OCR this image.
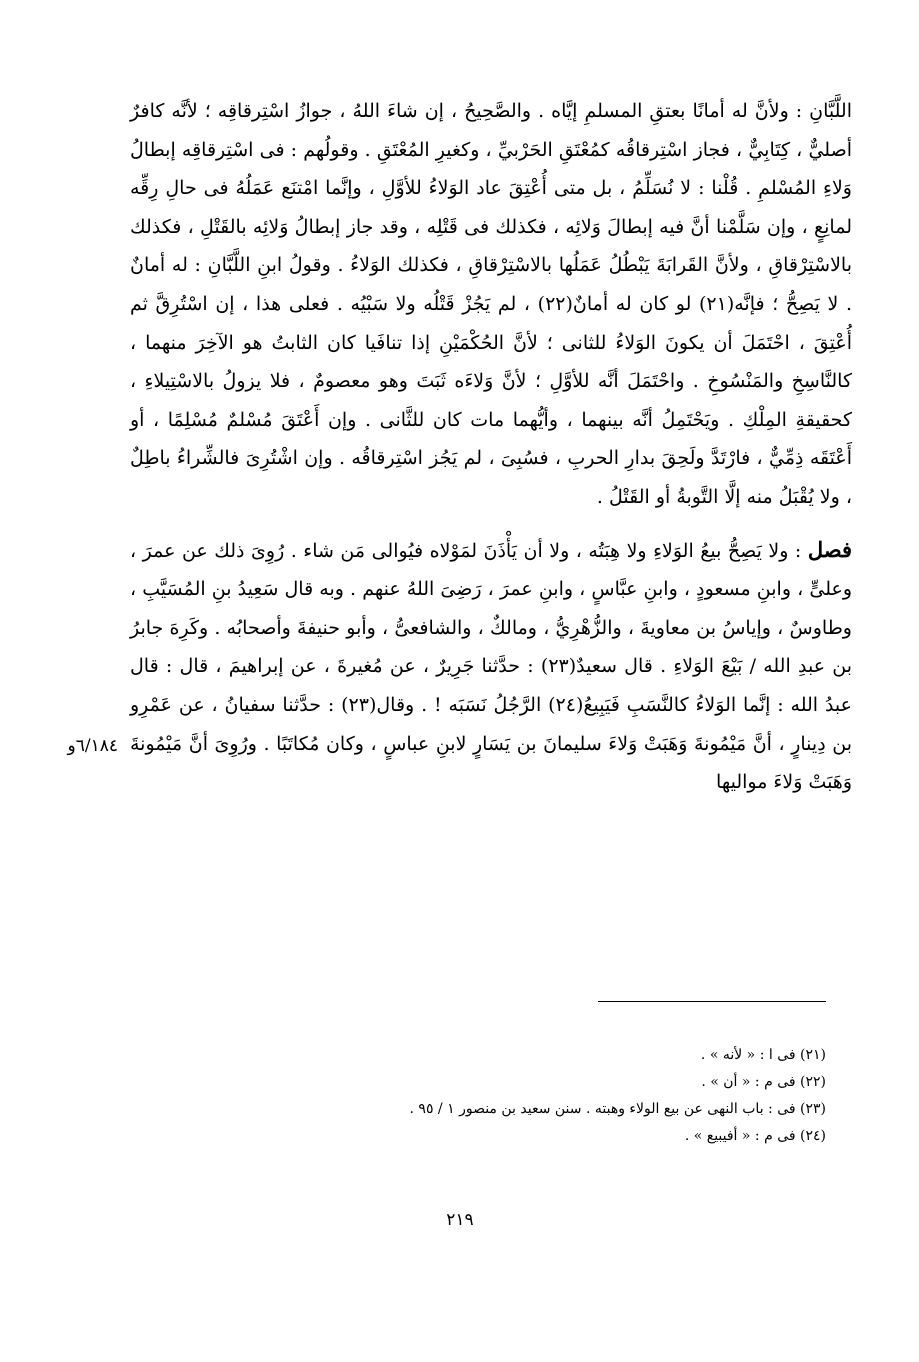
اللَّبَّانِ : ولأنَّ له أمانًا بعتقِ المسلمِ إيَّاه . والصَّحِيحُ ، إن شاءَ اللهُ ، جوازُ اسْتِرقاقِه ؛ لأنَّه كافرٌ أصليٌّ ، كِتَابِيٌّ ، فجاز اسْتِرقاقُه كمُعْتَقِ الحَرْبيِّ ، وكغيرِ المُعْتَقِ . وقولُهم : فى اسْتِرقاقِه إبطالُ وَلاءِ المُسْلمِ . قُلْنا : لا نُسَلِّمُ ، بل متى أُعْتِقَ عاد الوَلاءُ للأوَّلِ ، وإنَّما امْتنَع عَمَلُهُ فى حالِ رِقِّه لمانِعٍ ، وإن سَلَّمْنا أنَّ فيه إبطالَ وَلائِه ، فكذلك فى قَتْلِه ، وقد جاز إبطالُ وَلائِه بالقَتْلِ ، فكذلك بالاسْتِرْقاقِ ، ولأنَّ القَرابَةَ يَبْطُلُ عَمَلُها بالاسْتِرْقاقِ ، فكذلك الوَلاءُ . وقولُ ابنِ اللَّبَّانِ : له أمانٌ . لا يَصِحُّ ؛ فإنَّه(٢١) لو كان له أمانٌ(٢٢) ، لم يَجُزْ قَتْلُه ولا سَبْيُه . فعلى هذا ، إن اسْتُرِقَّ ثم أُعْتِقَ ، احْتَمَلَ أن يكونَ الوَلاءُ للثانى ؛ لأنَّ الحُكْمَيْنِ إذا تنافَيا كان الثابتُ هو الآخِرَ منهما ، كالنَّاسِخِ والمَنْسُوخِ . واحْتَمَلَ أنَّه للأوَّلِ ؛ لأنَّ وَلاءَه ثَبَتَ وهو معصومٌ ، فلا يزولُ بالاسْتِيلاءِ ، كحقيقةِ المِلْكِ . ويَحْتَمِلُ أنَّه بينهما ، وأيُّهما مات كان للثَّانى . وإن أَعْتَقَ مُسْلمٌ مُسْلِمًا ، أو أَعْتَقَه ذِمِّيٌّ ، فارْتَدَّ ولَحِقَ بدارِ الحربِ ، فسُبِىَ ، لم يَجُز اسْتِرقاقُه . وإن اشْتُرِىَ فالشِّراءُ باطِلٌ ، ولا يُقْبَلُ منه إلَّا التَّوبةُ أو القَتْلُ .

فصل : ولا يَصِحُّ بيعُ الوَلاءِ ولا هِبَتُه ، ولا أن يَأْذَنَ لمَوْلاه فيُوالى مَن شاء . رُوِىَ ذلك عن عمرَ ، وعلىٍّ ، وابنِ مسعودٍ ، وابنِ عبَّاسٍ ، وابنِ عمرَ ، رَضِىَ اللهُ عنهم . وبه قال سَعِيدُ بنِ المُسَيَّبِ ، وطاوسٌ ، وإياسُ بن معاويةَ ، والزُّهْرِيُّ ، ومالكٌ ، والشافعىُّ ، وأبو حنيفةَ وأصحابُه . وكَرِهَ جابرُ بن عبدِ الله / بَيْعَ الوَلاءِ . قال سعيدٌ(٢٣) : حدَّثنا جَرِيرٌ ، عن مُغيرةَ ، عن إبراهيمَ ، قال : قال عبدُ الله : إنَّما الوَلاءُ كالنَّسَبِ فَيَبِيعُ(٢٤) الرَّجُلُ نَسَبَه ! . وقال(٢٣) : حدَّثنا سفيانُ ، عن عَمْرِو بن دِينارٍ ، أنَّ مَيْمُونةَ وَهَبَتْ وَلاءَ سليمانَ بن يَسَارٍ لابنِ عباسٍ ، وكان مُكاتَبًا . ورُوِىَ أنَّ مَيْمُونةَ وَهَبَتْ وَلاءَ مواليها

٦/١٨٤و
(٢١) فى ا : « لأنه » .
(٢٢) فى م : « أن » .
(٢٣) فى : باب النهى عن بيع الولاء وهبته . سنن سعيد بن منصور ١ / ٩٥ .
(٢٤) فى م : « أفيبيع » .
٢١٩
